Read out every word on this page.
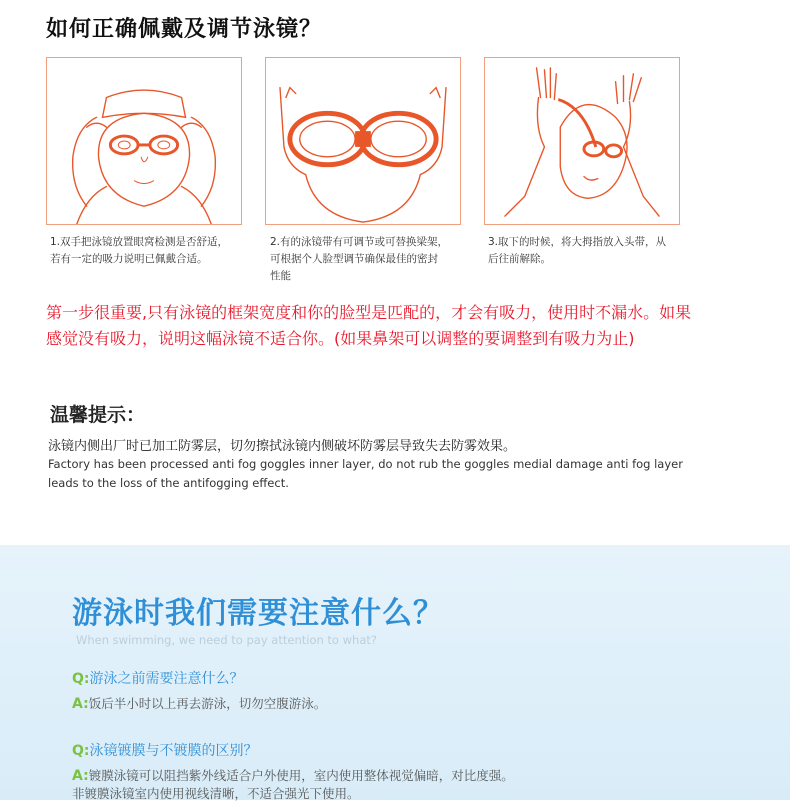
如何正确佩戴及调节泳镜？
1.双手把泳镜放置眼窝检测是否舒适，
若有一定的吸力说明已佩戴合适。
2.有的泳镜带有可调节或可替换梁架，
可根据个人脸型调节确保最佳的密封
性能
3.取下的时候，将大拇指放入头带，从
后往前解除。
第一步很重要,只有泳镜的框架宽度和你的脸型是匹配的，才会有吸力，使用时不漏水。如果感觉没有吸力，说明这幅泳镜不适合你。(如果鼻架可以调整的要调整到有吸力为止)
温馨提示：
泳镜内侧出厂时已加工防雾层，切勿擦拭泳镜内侧破坏防雾层导致失去防雾效果。
Factory has been processed anti fog goggles inner layer, do not rub the goggles medial damage anti fog layer leads to the loss of the antifogging effect.
游泳时我们需要注意什么？
When swimming, we need to pay attention to what?
Q:游泳之前需要注意什么？
A:饭后半小时以上再去游泳，切勿空腹游泳。
Q:泳镜镀膜与不镀膜的区别？
A:镀膜泳镜可以阻挡紫外线适合户外使用，室内使用整体视觉偏暗，对比度强。
非镀膜泳镜室内使用视线清晰，不适合强光下使用。
